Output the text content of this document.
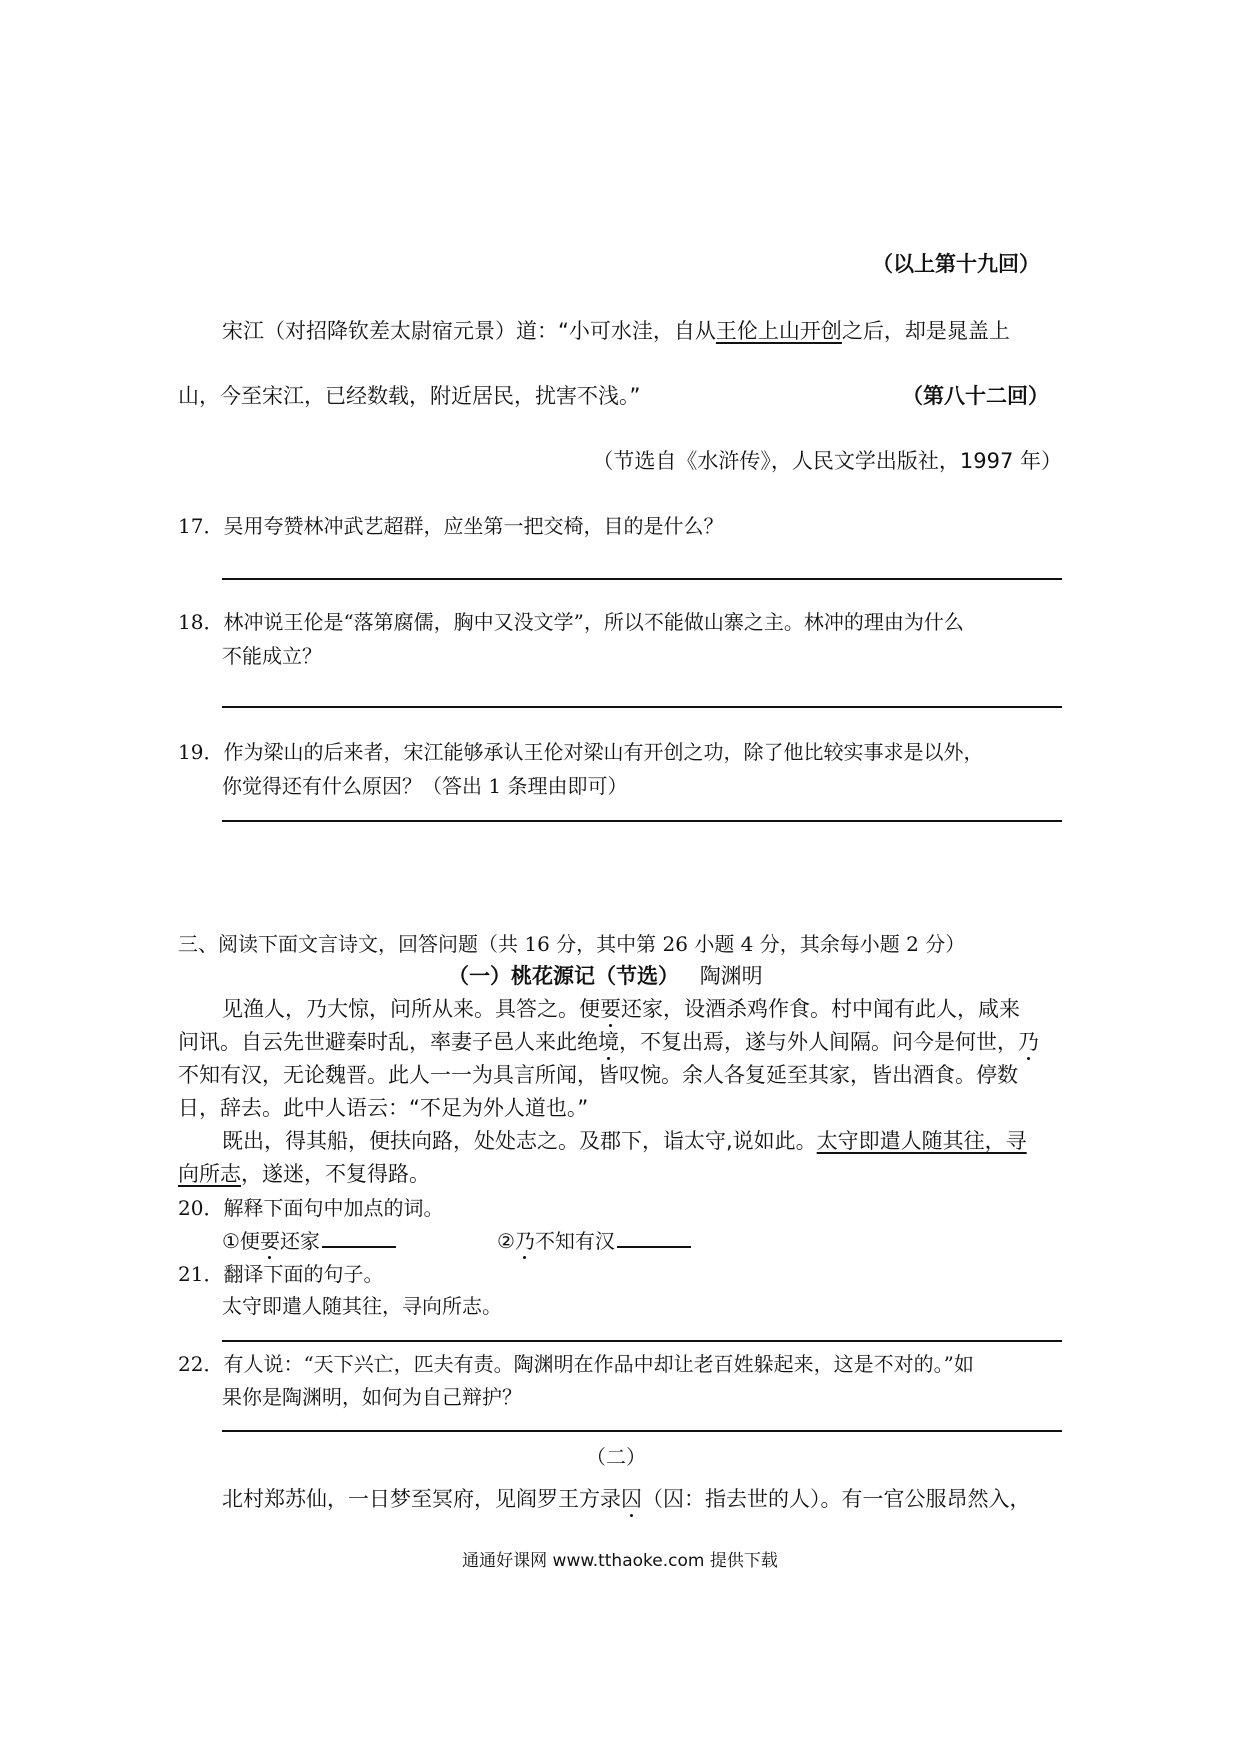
（以上第十九回）
宋江（对招降钦差太尉宿元景）道：“小可水洼，自从王伦上山开创之后，却是晁盖上
山，今至宋江，已经数载，附近居民，扰害不浅。”	（第八十二回）
（节选自《水浒传》，人民文学出版社，1997 年）
17．吴用夸赞林冲武艺超群，应坐第一把交椅，目的是什么？
18．林冲说王伦是“落第腐儒，胸中又没文学”，所以不能做山寨之主。林冲的理由为什么
不能成立？
19．作为梁山的后来者，宋江能够承认王伦对梁山有开创之功，除了他比较实事求是以外，
你觉得还有什么原因？（答出 1 条理由即可）
三、阅读下面文言诗文，回答问题（共 16 分，其中第 26 小题 4 分，其余每小题 2 分）
（一）桃花源记（节选） 陶渊明
见渔人，乃大惊，问所从来。具答之。便要还家，设酒杀鸡作食。村中闻有此人，咸来
问讯。自云先世避秦时乱，率妻子邑人来此绝境，不复出焉，遂与外人间隔。问今是何世，乃
不知有汉，无论魏晋。此人一一为具言所闻，皆叹惋。余人各复延至其家，皆出酒食。停数
日，辞去。此中人语云：“不足为外人道也。”
既出，得其船，便扶向路，处处志之。及郡下，诣太守,说如此。太守即遣人随其往，寻
向所志，遂迷，不复得路。
20．解释下面句中加点的词。
①便要还家	②乃不知有汉
21．翻译下面的句子。
太守即遣人随其往，寻向所志。
22．有人说：“天下兴亡，匹夫有责。陶渊明在作品中却让老百姓躲起来，这是不对的。”如
果你是陶渊明，如何为自己辩护？
（二）
北村郑苏仙，一日梦至冥府，见阎罗王方录囚（囚：指去世的人）。有一官公服昂然入，
通通好课网 www.tthaoke.com 提供下载
